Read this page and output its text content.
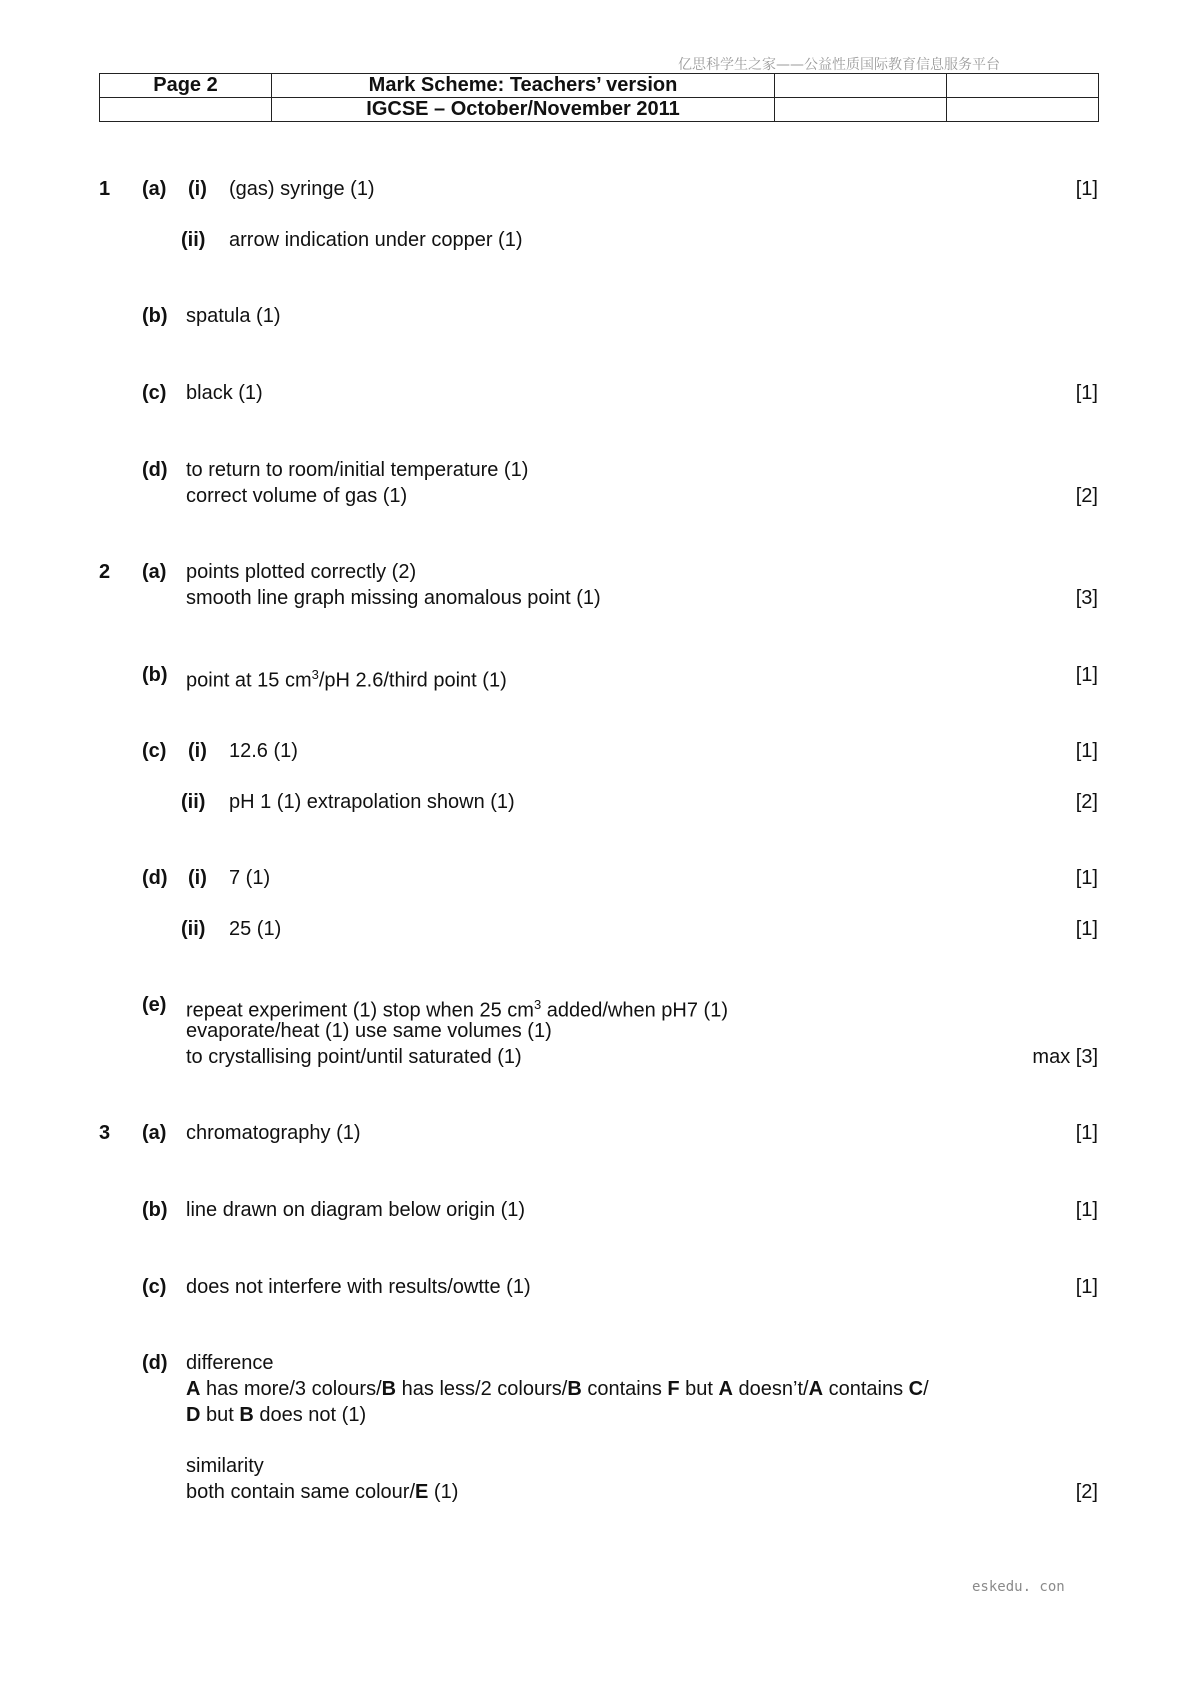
亿思科学生之家——公益性质国际教育信息服务平台
Page 2	Mark Scheme: Teachers’ version		
	IGCSE – October/November 2011		
1 (a) (i) (gas) syringe (1)	[1]
(ii) arrow indication under copper (1)
(b) spatula (1)
(c) black (1)	[1]
(d) to return to room/initial temperature (1)
correct volume of gas (1)	[2]
2 (a) points plotted correctly (2)
smooth line graph missing anomalous point (1)	[3]
(b) point at 15 $cm^3/pH$ 2.6/third point (1)	[1]
(c) (i) 12.6 (1)	[1]
(ii) pH 1 (1) extrapolation shown (1)	[2]
(d) (i) 7 (1)	[1]
(ii) 25 (1)	[1]
(e) repeat experiment (1) stop when 25 $cm^3$ added/when pH7 (1)
evaporate/heat (1) use same volumes (1)
to crystallising point/until saturated (1)	max [3]
3 (a) chromatography (1)	[1]
(b) line drawn on diagram below origin (1)	[1]
(c) does not interfere with results/owtte (1)	[1]
(d) difference
A has more/3 colours/B has less/2 colours/B contains F but A doesn’t/A contains C/
D but B does not (1)
similarity
both contain same colour/E (1)	[2]
eskedu. con
